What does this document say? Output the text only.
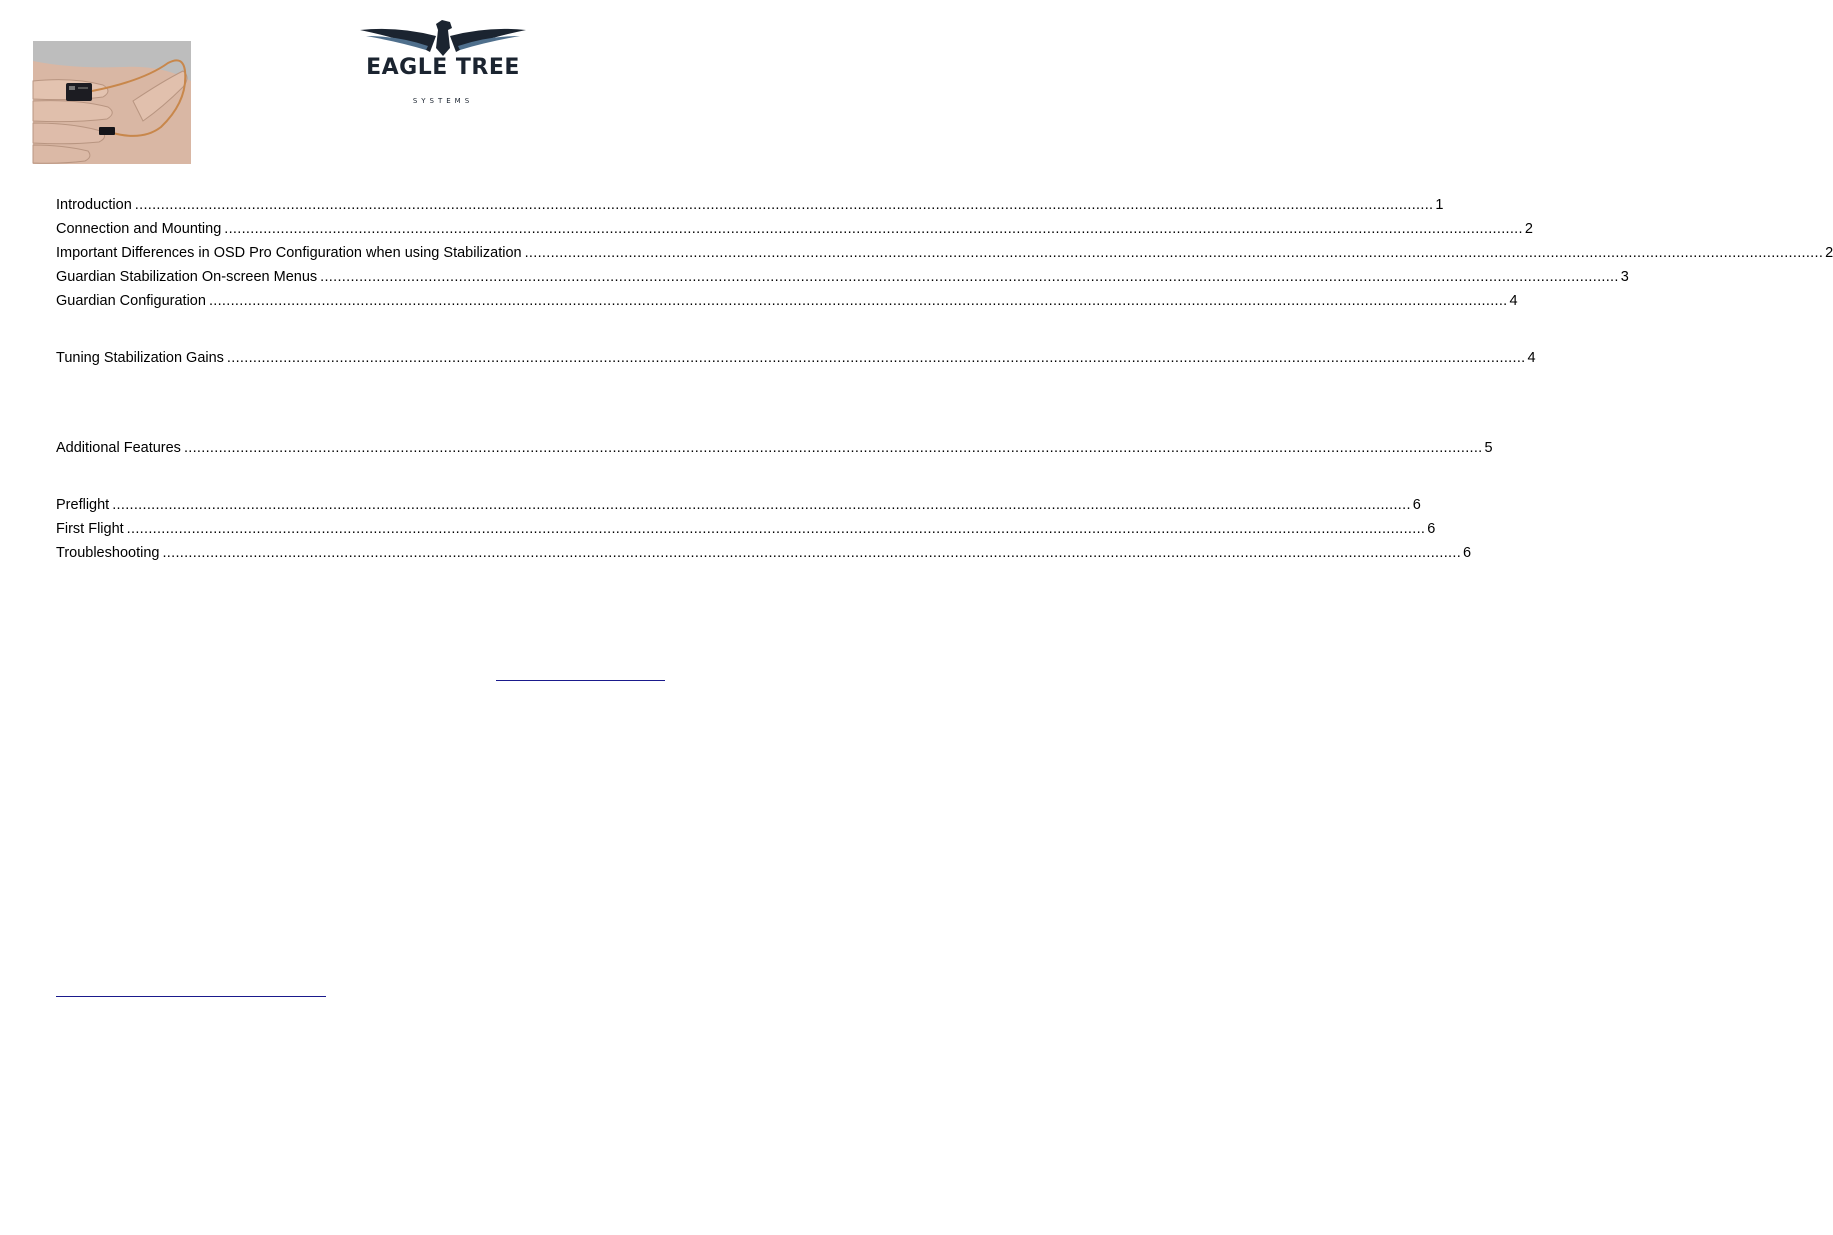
EAGLE TREE
SYSTEMS
Introduction ............................................................................................................................................................................................................................................................................................................ 1
Connection and Mounting ............................................................................................................................................................................................................................................................................................................ 2
Important Differences in OSD Pro Configuration when using Stabilization ............................................................................................................................................................................................................................................................................................................ 2
Guardian Stabilization On-screen Menus ............................................................................................................................................................................................................................................................................................................ 3
Guardian Configuration ............................................................................................................................................................................................................................................................................................................ 4
Tuning Stabilization Gains ............................................................................................................................................................................................................................................................................................................ 4
Additional Features ............................................................................................................................................................................................................................................................................................................ 5
Preflight ............................................................................................................................................................................................................................................................................................................ 6
First Flight ............................................................................................................................................................................................................................................................................................................ 6
Troubleshooting ............................................................................................................................................................................................................................................................................................................ 6
